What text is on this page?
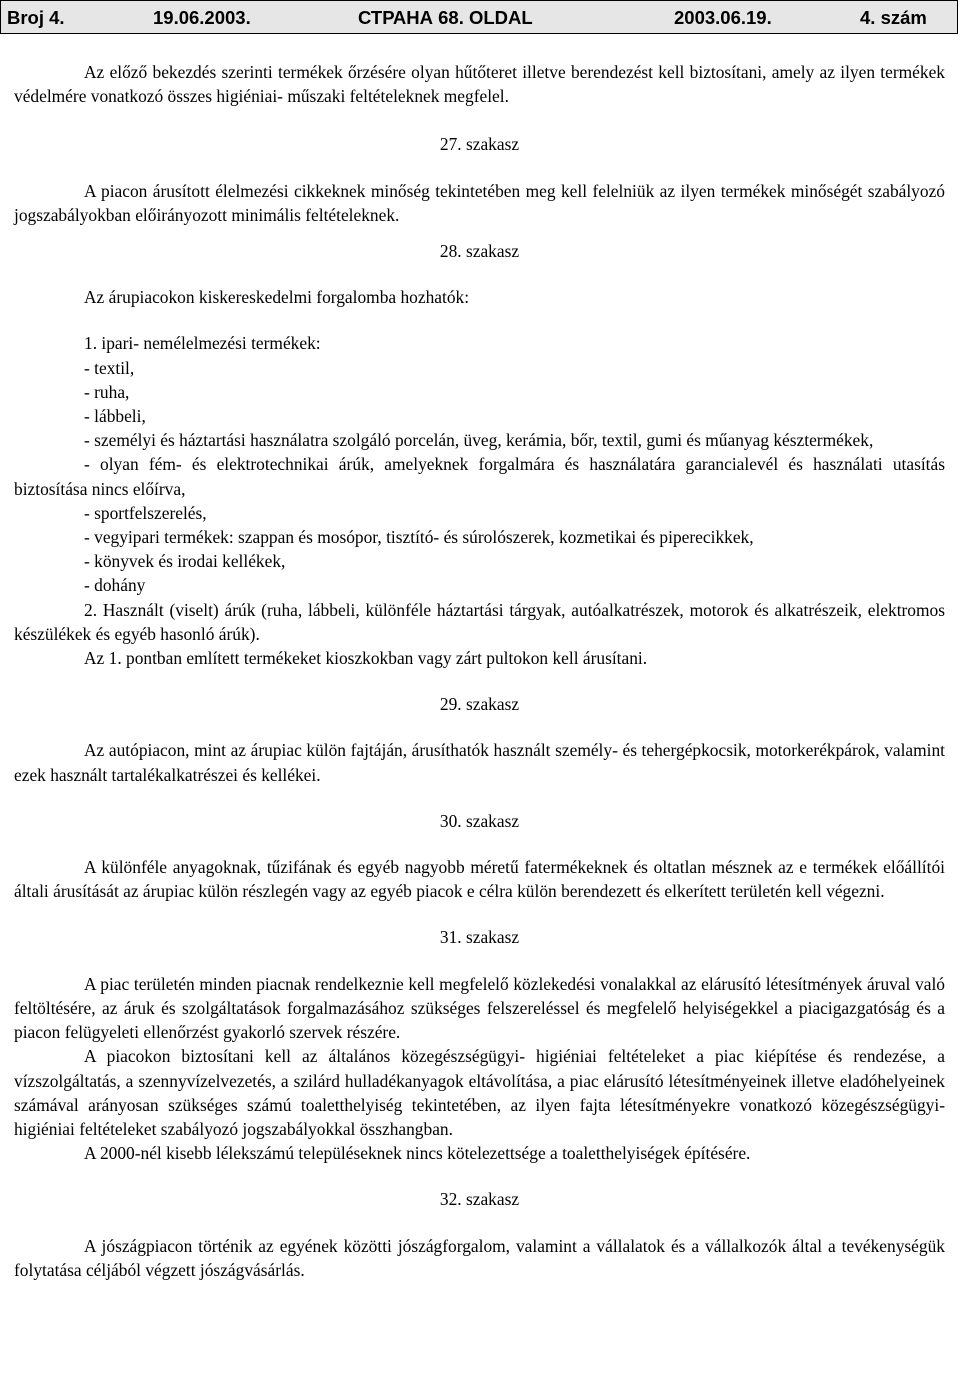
Broj 4.	19.06.2003.	СТРАНА 68. OLDAL	2003.06.19.	4. szám

Az előző bekezdés szerinti termékek őrzésére olyan hűtőteret illetve berendezést kell biztosítani, amely az ilyen termékek védelmére vonatkozó összes higiéniai- műszaki feltételeknek megfelel.

27. szakasz

A piacon árusított élelmezési cikkeknek minőség tekintetében meg kell felelniük az ilyen termékek minőségét szabályozó jogszabályokban előirányozott minimális feltételeknek.

28. szakasz

Az árupiacokon kiskereskedelmi forgalomba hozhatók:

1. ipari- nemélelmezési termékek:

- textil,

- ruha,

- lábbeli,

- személyi és háztartási használatra szolgáló porcelán, üveg, kerámia, bőr, textil, gumi és műanyag késztermékek,

- olyan fém- és elektrotechnikai árúk, amelyeknek forgalmára és használatára garancialevél és használati utasítás biztosítása nincs előírva,

- sportfelszerelés,

- vegyipari termékek: szappan és mosópor, tisztító- és súrolószerek, kozmetikai és piperecikkek,

- könyvek és irodai kellékek,

- dohány

2. Használt (viselt) árúk (ruha, lábbeli, különféle háztartási tárgyak, autóalkatrészek, motorok és alkatrészeik, elektromos készülékek és egyéb hasonló árúk).

Az 1. pontban említett termékeket kioszkokban vagy zárt pultokon kell árusítani.

29. szakasz

Az autópiacon, mint az árupiac külön fajtáján, árusíthatók használt személy- és tehergépkocsik, motorkerékpárok, valamint ezek használt tartalékalkatrészei és kellékei.

30. szakasz

A különféle anyagoknak, tűzifának és egyéb nagyobb méretű fatermékeknek és oltatlan mésznek az e termékek előállítói általi árusítását az árupiac külön részlegén vagy az egyéb piacok e célra külön berendezett és elkerített területén kell végezni.

31. szakasz

A piac területén minden piacnak rendelkeznie kell megfelelő közlekedési vonalakkal az elárusító létesítmények áruval való feltöltésére, az áruk és szolgáltatások forgalmazásához szükséges felszereléssel és megfelelő helyiségekkel a piacigazgatóság és a piacon felügyeleti ellenőrzést gyakorló szervek részére.

A piacokon biztosítani kell az általános közegészségügyi- higiéniai feltételeket a piac kiépítése és rendezése, a vízszolgáltatás, a szennyvízelvezetés, a szilárd hulladékanyagok eltávolítása, a piac elárusító létesítményeinek illetve eladóhelyeinek számával arányosan szükséges számú toaletthelyiség tekintetében, az ilyen fajta létesítményekre vonatkozó közegészségügyi- higiéniai feltételeket szabályozó jogszabályokkal összhangban.

A 2000-nél kisebb lélekszámú településeknek nincs kötelezettsége a toaletthelyiségek építésére.

32. szakasz

A jószágpiacon történik az egyének közötti jószágforgalom, valamint a vállalatok és a vállalkozók által a tevékenységük folytatása céljából végzett jószágvásárlás.
